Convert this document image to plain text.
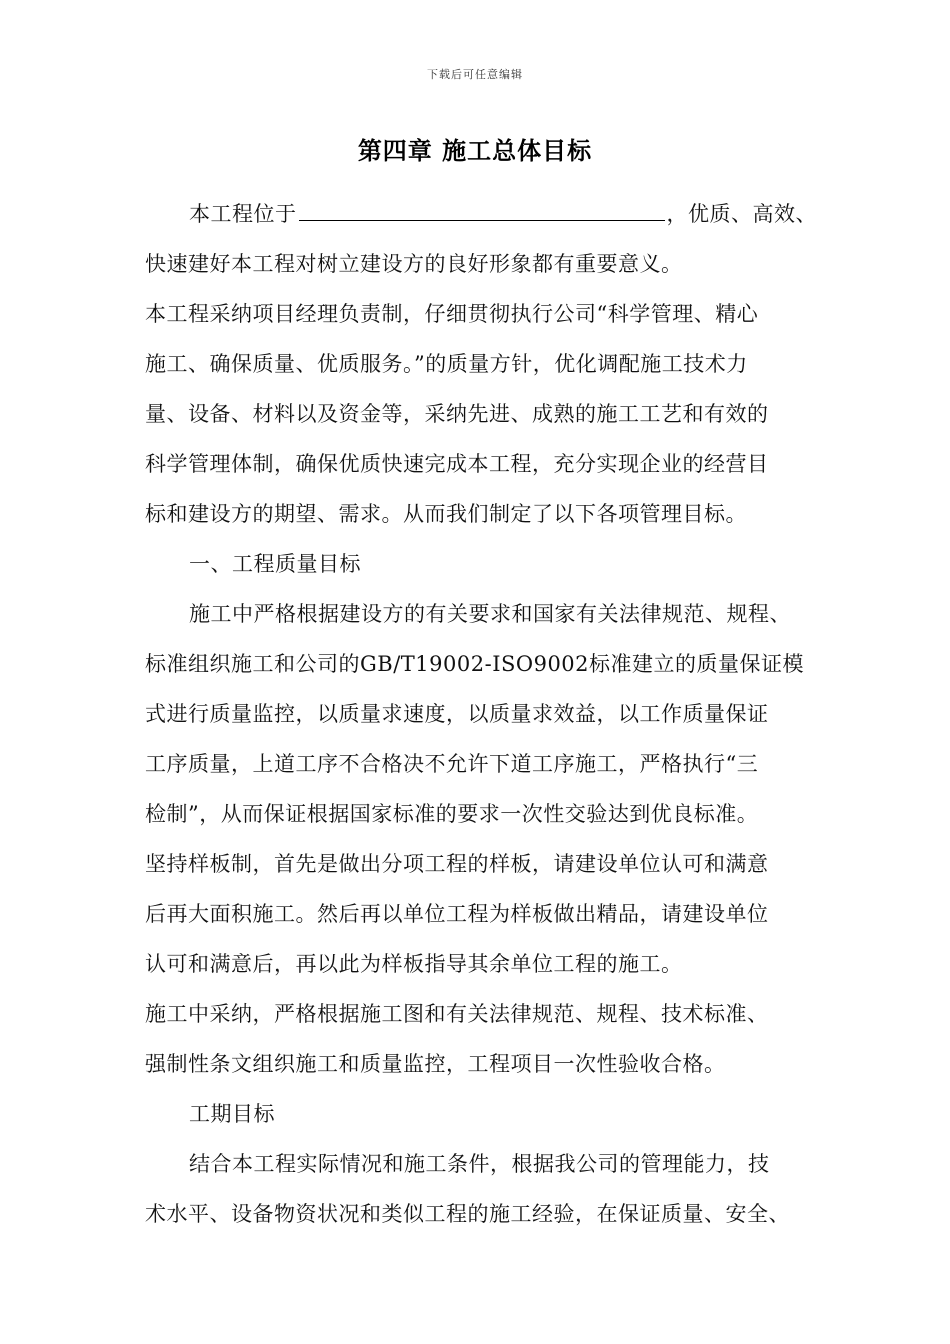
下载后可任意编辑
第四章 施工总体目标
本工程位于	，优质、高效、
快速建好本工程对树立建设方的良好形象都有重要意义。
本工程采纳项目经理负责制，仔细贯彻执行公司“科学管理、精心
施工、确保质量、优质服务。”的质量方针，优化调配施工技术力
量、设备、材料以及资金等，采纳先进、成熟的施工工艺和有效的
科学管理体制，确保优质快速完成本工程，充分实现企业的经营目
标和建设方的期望、需求。从而我们制定了以下各项管理目标。
一、工程质量目标
施工中严格根据建设方的有关要求和国家有关法律规范、规程、
标准组织施工和公司的GB/T19002-ISO9002标准建立的质量保证模
式进行质量监控，以质量求速度，以质量求效益，以工作质量保证
工序质量，上道工序不合格决不允许下道工序施工，严格执行“三
检制”，从而保证根据国家标准的要求一次性交验达到优良标准。
坚持样板制，首先是做出分项工程的样板，请建设单位认可和满意
后再大面积施工。然后再以单位工程为样板做出精品，请建设单位
认可和满意后，再以此为样板指导其余单位工程的施工。
施工中采纳，严格根据施工图和有关法律规范、规程、技术标准、
强制性条文组织施工和质量监控，工程项目一次性验收合格。
工期目标
结合本工程实际情况和施工条件，根据我公司的管理能力，技
术水平、设备物资状况和类似工程的施工经验，在保证质量、安全、
